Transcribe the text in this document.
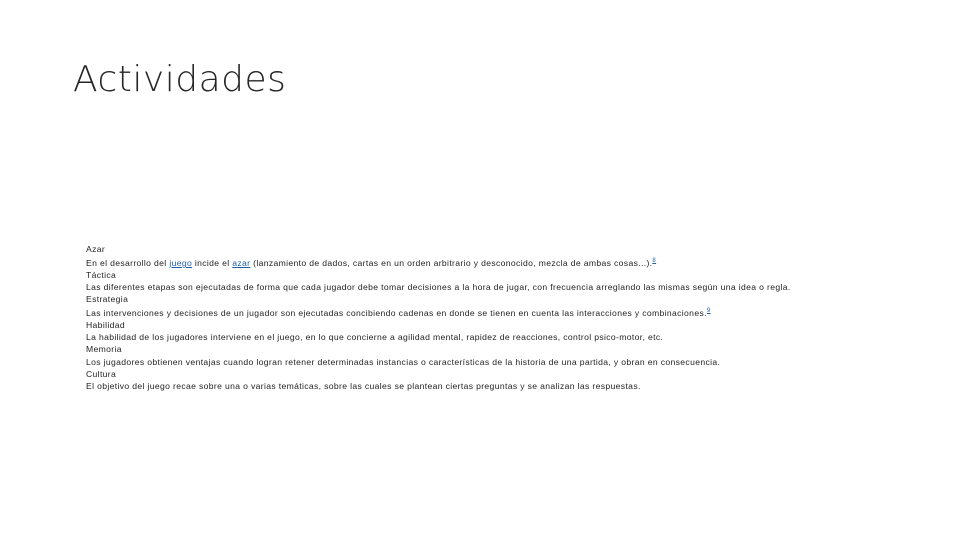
Actividades

Azar

En el desarrollo del juego incide el azar (lanzamiento de dados, cartas en un orden arbitrario y desconocido, mezcla de ambas cosas...).$^8$

Táctica

Las diferentes etapas son ejecutadas de forma que cada jugador debe tomar decisiones a la hora de jugar, con frecuencia arreglando las mismas según una idea o regla.

Estrategia

Las intervenciones y decisiones de un jugador son ejecutadas concibiendo cadenas en donde se tienen en cuenta las interacciones y combinaciones.$^9$

Habilidad

La habilidad de los jugadores interviene en el juego, en lo que concierne a agilidad mental, rapidez de reacciones, control psico-motor, etc.

Memoria

Los jugadores obtienen ventajas cuando logran retener determinadas instancias o características de la historia de una partida, y obran en consecuencia.

Cultura

El objetivo del juego recae sobre una o varias temáticas, sobre las cuales se plantean ciertas preguntas y se analizan las respuestas.
